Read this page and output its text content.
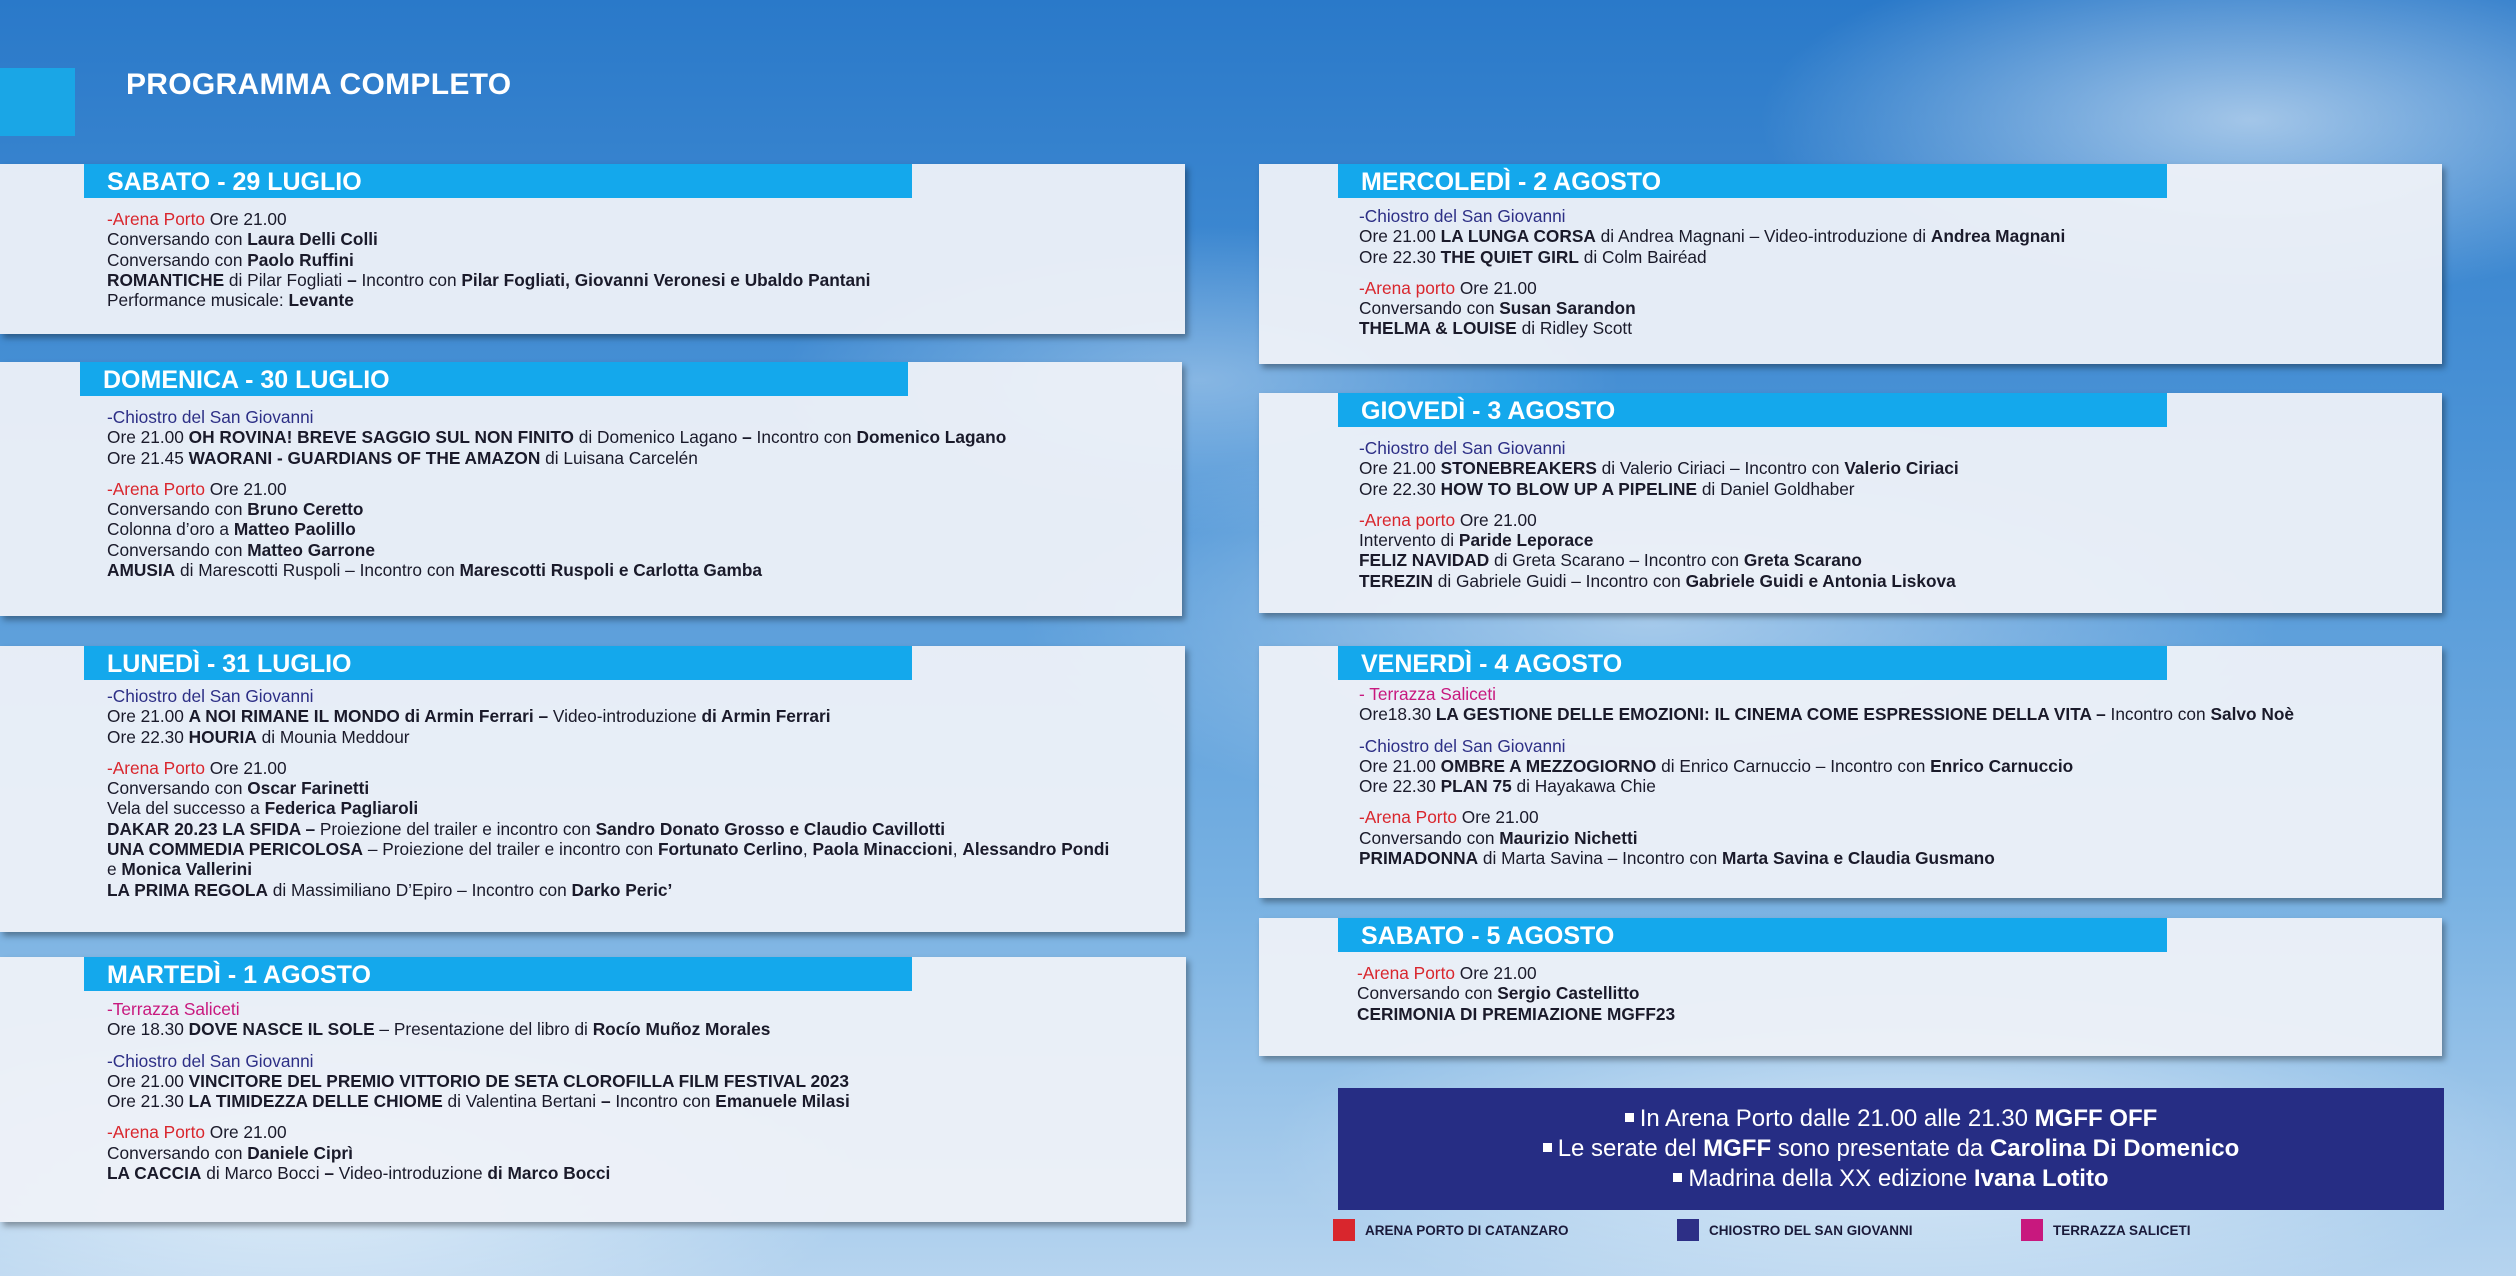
PROGRAMMA COMPLETO
SABATO - 29 LUGLIO
-Arena Porto Ore 21.00
Conversando con Laura Delli Colli
Conversando con Paolo Ruffini
ROMANTICHE di Pilar Fogliati – Incontro con Pilar Fogliati, Giovanni Veronesi e Ubaldo Pantani
Performance musicale: Levante
DOMENICA - 30 LUGLIO
-Chiostro del San Giovanni
Ore 21.00 OH ROVINA! BREVE SAGGIO SUL NON FINITO di Domenico Lagano – Incontro con Domenico Lagano
Ore 21.45 WAORANI - GUARDIANS OF THE AMAZON di Luisana Carcelén
-Arena Porto Ore 21.00
Conversando con Bruno Ceretto
Colonna d’oro a Matteo Paolillo
Conversando con Matteo Garrone
AMUSIA di Marescotti Ruspoli – Incontro con Marescotti Ruspoli e Carlotta Gamba
LUNEDÌ - 31 LUGLIO
-Chiostro del San Giovanni
Ore 21.00 A NOI RIMANE IL MONDO di Armin Ferrari – Video-introduzione di Armin Ferrari
Ore 22.30 HOURIA di Mounia Meddour
-Arena Porto Ore 21.00
Conversando con Oscar Farinetti
Vela del successo a Federica Pagliaroli
DAKAR 20.23 LA SFIDA – Proiezione del trailer e incontro con Sandro Donato Grosso e Claudio Cavillotti
UNA COMMEDIA PERICOLOSA – Proiezione del trailer e incontro con Fortunato Cerlino, Paola Minaccioni, Alessandro Pondi
e Monica Vallerini
LA PRIMA REGOLA di Massimiliano D’Epiro – Incontro con Darko Peric’
MARTEDÌ - 1 AGOSTO
-Terrazza Saliceti
Ore 18.30 DOVE NASCE IL SOLE – Presentazione del libro di Rocío Muñoz Morales
-Chiostro del San Giovanni
Ore 21.00 VINCITORE DEL PREMIO VITTORIO DE SETA CLOROFILLA FILM FESTIVAL 2023
Ore 21.30 LA TIMIDEZZA DELLE CHIOME di Valentina Bertani – Incontro con Emanuele Milasi
-Arena Porto Ore 21.00
Conversando con Daniele Ciprì
LA CACCIA di Marco Bocci – Video-introduzione di Marco Bocci
MERCOLEDÌ - 2 AGOSTO
-Chiostro del San Giovanni
Ore 21.00 LA LUNGA CORSA di Andrea Magnani – Video-introduzione di Andrea Magnani
Ore 22.30 THE QUIET GIRL di Colm Bairéad
-Arena porto Ore 21.00
Conversando con Susan Sarandon
THELMA & LOUISE di Ridley Scott
GIOVEDÌ - 3 AGOSTO
-Chiostro del San Giovanni
Ore 21.00 STONEBREAKERS di Valerio Ciriaci – Incontro con Valerio Ciriaci
Ore 22.30 HOW TO BLOW UP A PIPELINE di Daniel Goldhaber
-Arena porto Ore 21.00
Intervento di Paride Leporace
FELIZ NAVIDAD di Greta Scarano – Incontro con Greta Scarano
TEREZIN di Gabriele Guidi – Incontro con Gabriele Guidi e Antonia Liskova
VENERDÌ - 4 AGOSTO
- Terrazza Saliceti
Ore18.30 LA GESTIONE DELLE EMOZIONI: IL CINEMA COME ESPRESSIONE DELLA VITA – Incontro con Salvo Noè
-Chiostro del San Giovanni
Ore 21.00 OMBRE A MEZZOGIORNO di Enrico Carnuccio – Incontro con Enrico Carnuccio
Ore 22.30 PLAN 75 di Hayakawa Chie
-Arena Porto Ore 21.00
Conversando con Maurizio Nichetti
PRIMADONNA di Marta Savina – Incontro con Marta Savina e Claudia Gusmano
SABATO - 5 AGOSTO
-Arena Porto Ore 21.00
Conversando con Sergio Castellitto
CERIMONIA DI PREMIAZIONE MGFF23
In Arena Porto dalle 21.00 alle 21.30 MGFF OFF
Le serate del MGFF sono presentate da Carolina Di Domenico
Madrina della XX edizione Ivana Lotito
ARENA PORTO DI CATANZARO	CHIOSTRO DEL SAN GIOVANNI	TERRAZZA SALICETI
